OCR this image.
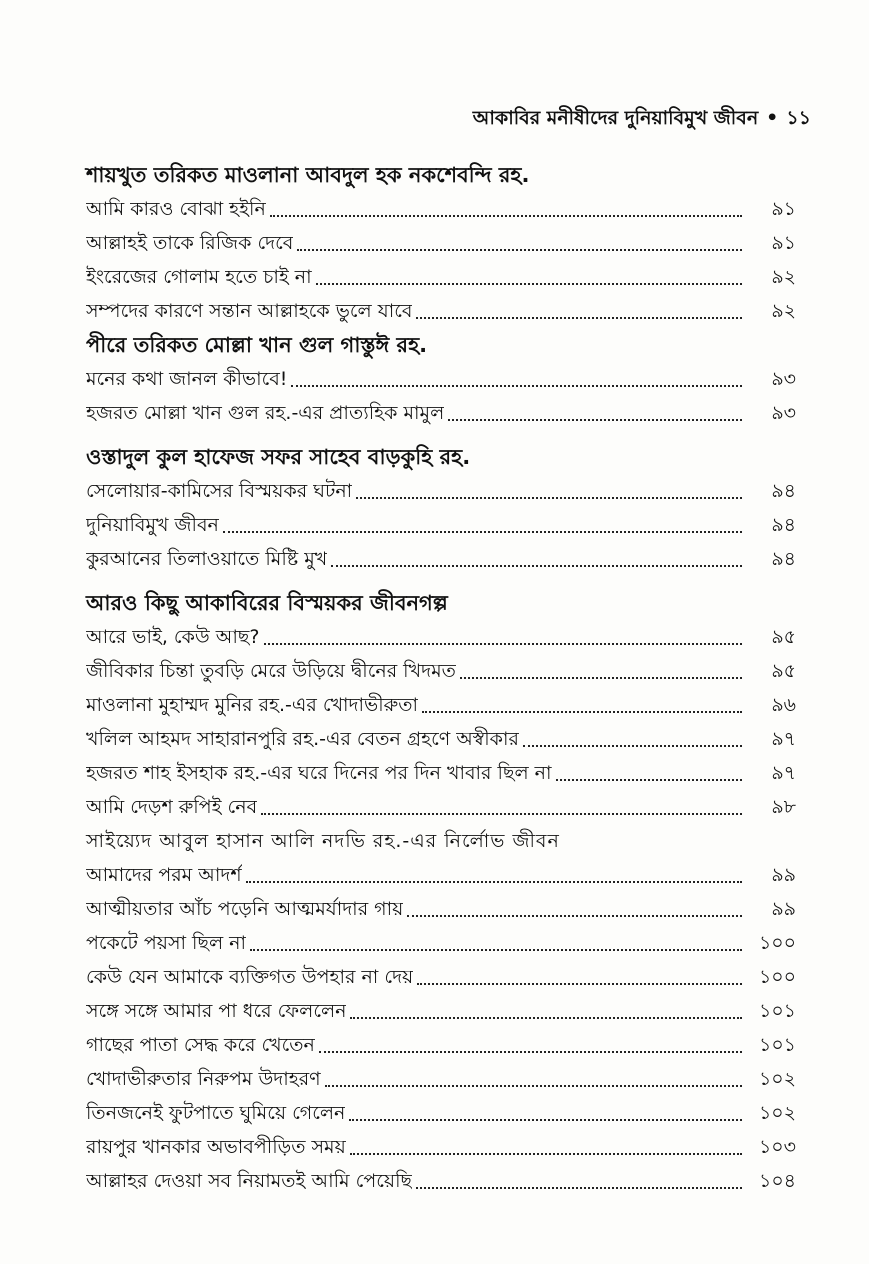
আকাবির মনীষীদের দুনিয়াবিমুখ জীবন • ১১
শায়খুত তরিকত মাওলানা আবদুল হক নকশেবন্দি রহ.
আমি কারও বোঝা হইনি	৯১
আল্লাহই তাকে রিজিক দেবে	৯১
ইংরেজের গোলাম হতে চাই না	৯২
সম্পদের কারণে সন্তান আল্লাহকে ভুলে যাবে	৯২
পীরে তরিকত মোল্লা খান গুল গাস্তুঈ রহ.
মনের কথা জানল কীভাবে!	৯৩
হজরত মোল্লা খান গুল রহ.-এর প্রাত্যহিক মামুল	৯৩
ওস্তাদুল কুল হাফেজ সফর সাহেব বাড়কুহি রহ.
সেলোয়ার-কামিসের বিস্ময়কর ঘটনা	৯৪
দুনিয়াবিমুখ জীবন	৯৪
কুরআনের তিলাওয়াতে মিষ্টি মুখ	৯৪
আরও কিছু আকাবিরের বিস্ময়কর জীবনগল্প
আরে ভাই, কেউ আছ?	৯৫
জীবিকার চিন্তা তুবড়ি মেরে উড়িয়ে দ্বীনের খিদমত	৯৫
মাওলানা মুহাম্মদ মুনির রহ.-এর খোদাভীরুতা	৯৬
খলিল আহমদ সাহারানপুরি রহ.-এর বেতন গ্রহণে অস্বীকার	৯৭
হজরত শাহ ইসহাক রহ.-এর ঘরে দিনের পর দিন খাবার ছিল না	৯৭
আমি দেড়শ রুপিই নেব	৯৮
সাইয়্যেদ আবুল হাসান আলি নদভি রহ.-এর নির্লোভ জীবন
আমাদের পরম আদর্শ	৯৯
আত্মীয়তার আঁচ পড়েনি আত্মমর্যাদার গায়	৯৯
পকেটে পয়সা ছিল না	১০০
কেউ যেন আমাকে ব্যক্তিগত উপহার না দেয়	১০০
সঙ্গে সঙ্গে আমার পা ধরে ফেললেন	১০১
গাছের পাতা সেদ্ধ করে খেতেন	১০১
খোদাভীরুতার নিরুপম উদাহরণ	১০২
তিনজনেই ফুটপাতে ঘুমিয়ে গেলেন	১০২
রায়পুর খানকার অভাবপীড়িত সময়	১০৩
আল্লাহর দেওয়া সব নিয়ামতই আমি পেয়েছি	১০৪
